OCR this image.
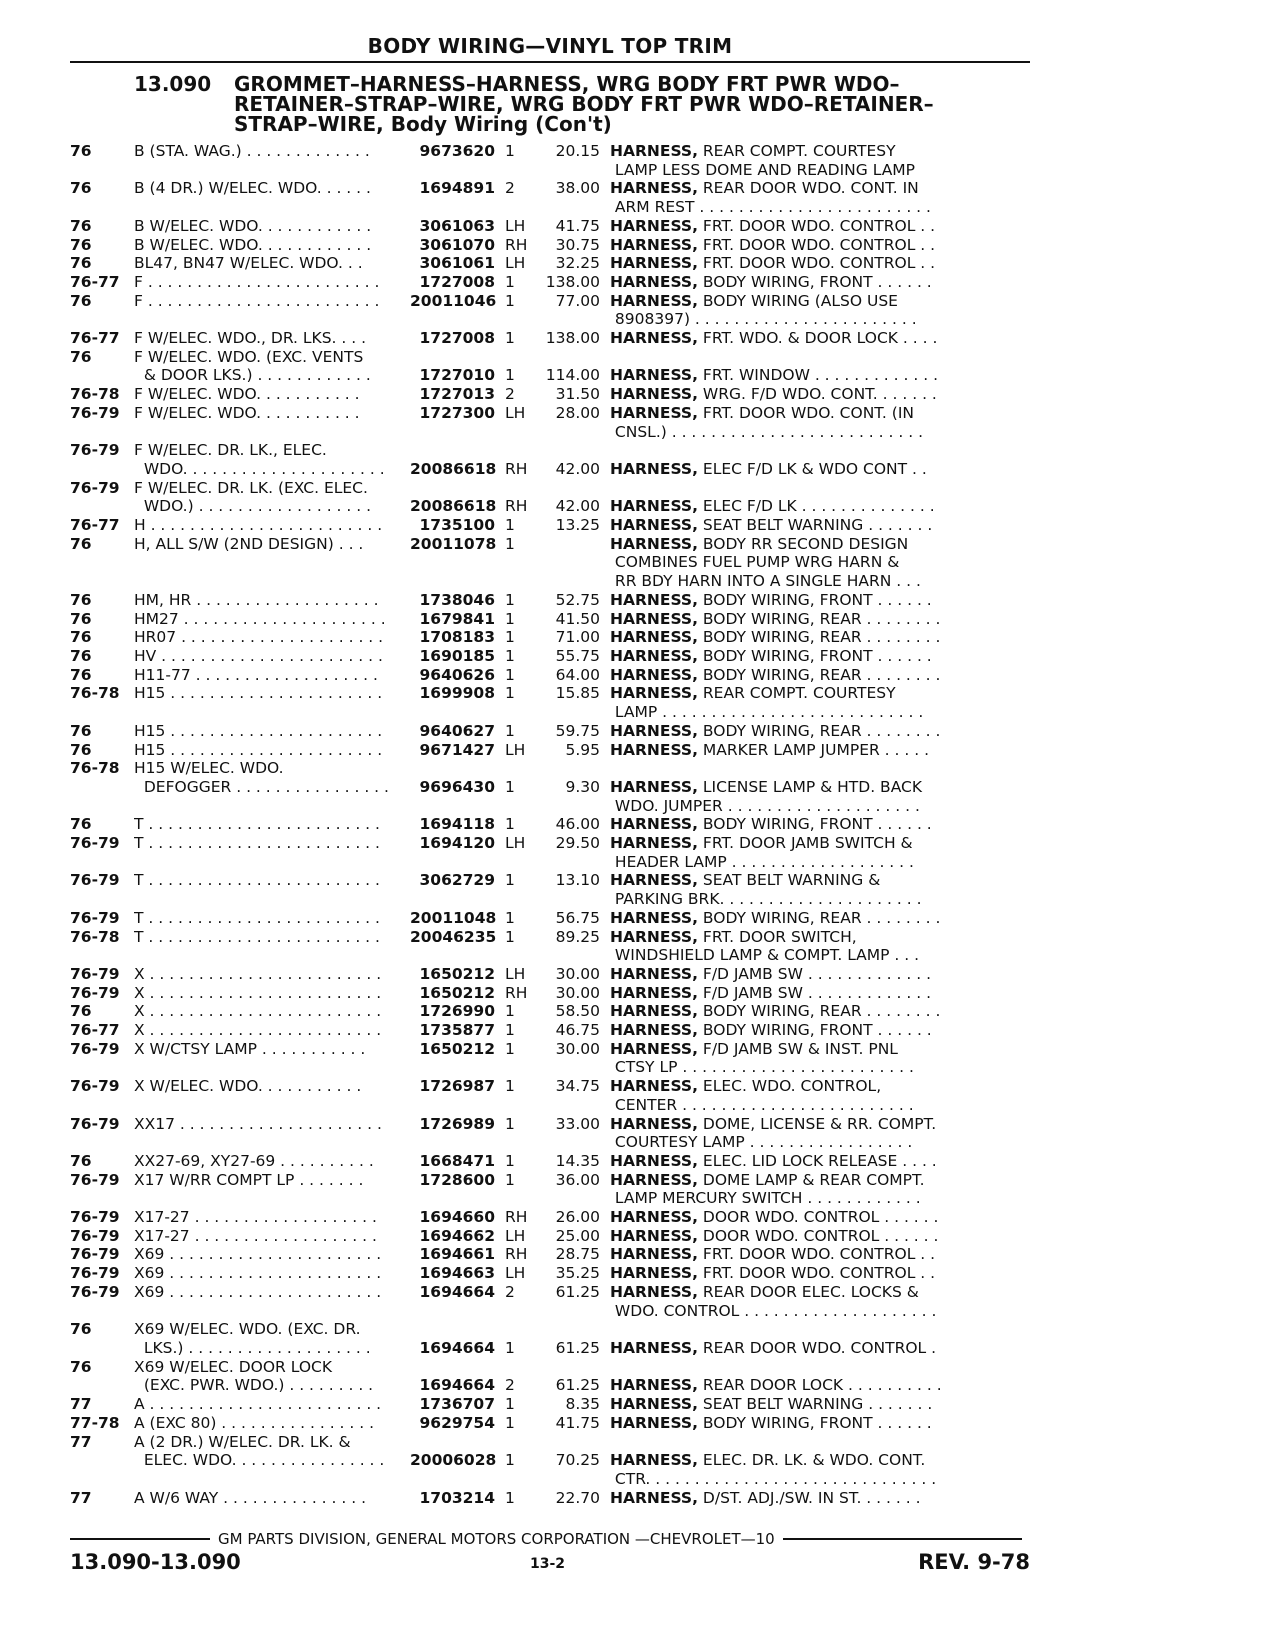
BODY WIRING—VINYL TOP TRIM
13.090 GROMMET–HARNESS–HARNESS, WRG BODY FRT PWR WDO–
RETAINER–STRAP–WIRE, WRG BODY FRT PWR WDO–RETAINER–
STRAP–WIRE, Body Wiring (Con't)
76	B (STA. WAG.) . . . . . . . . . . . . .	9673620 1	20.15 HARNESS, REAR COMPT. COURTESY
LAMP LESS DOME AND READING LAMP
76	B (4 DR.) W/ELEC. WDO. . . . . .	1694891 2	38.00 HARNESS, REAR DOOR WDO. CONT. IN
ARM REST . . . . . . . . . . . . . . . . . . . . . . . .
76	B W/ELEC. WDO. . . . . . . . . . . .	3061063 LH	41.75 HARNESS, FRT. DOOR WDO. CONTROL . .
76	B W/ELEC. WDO. . . . . . . . . . . .	3061070 RH	30.75 HARNESS, FRT. DOOR WDO. CONTROL . .
76	BL47, BN47 W/ELEC. WDO. . .	3061061 LH	32.25 HARNESS, FRT. DOOR WDO. CONTROL . .
76-77 F . . . . . . . . . . . . . . . . . . . . . . . .	1727008 1	138.00 HARNESS, BODY WIRING, FRONT . . . . . .
76	F . . . . . . . . . . . . . . . . . . . . . . . .	20011046 1	77.00 HARNESS, BODY WIRING (ALSO USE
8908397) . . . . . . . . . . . . . . . . . . . . . . .
76-77 F W/ELEC. WDO., DR. LKS. . . .	1727008 1	138.00 HARNESS, FRT. WDO. & DOOR LOCK . . . .
76	F W/ELEC. WDO. (EXC. VENTS
& DOOR LKS.) . . . . . . . . . . . .	1727010 1	114.00 HARNESS, FRT. WINDOW . . . . . . . . . . . . .
76-78 F W/ELEC. WDO. . . . . . . . . . .	1727013 2	31.50 HARNESS, WRG. F/D WDO. CONT. . . . . . .
76-79 F W/ELEC. WDO. . . . . . . . . . .	1727300 LH	28.00 HARNESS, FRT. DOOR WDO. CONT. (IN
CNSL.) . . . . . . . . . . . . . . . . . . . . . . . . . .
76-79 F W/ELEC. DR. LK., ELEC.
WDO. . . . . . . . . . . . . . . . . . . . .	20086618 RH	42.00 HARNESS, ELEC F/D LK & WDO CONT . .
76-79 F W/ELEC. DR. LK. (EXC. ELEC.
WDO.) . . . . . . . . . . . . . . . . . .	20086618 RH	42.00 HARNESS, ELEC F/D LK . . . . . . . . . . . . . .
76-77 H . . . . . . . . . . . . . . . . . . . . . . . .	1735100 1	13.25 HARNESS, SEAT BELT WARNING . . . . . . .
76	H, ALL S/W (2ND DESIGN) . . .	20011078 1	HARNESS, BODY RR SECOND DESIGN
COMBINES FUEL PUMP WRG HARN &
RR BDY HARN INTO A SINGLE HARN . . .
76	HM, HR . . . . . . . . . . . . . . . . . . .	1738046 1	52.75 HARNESS, BODY WIRING, FRONT . . . . . .
76	HM27 . . . . . . . . . . . . . . . . . . . . .	1679841 1	41.50 HARNESS, BODY WIRING, REAR . . . . . . . .
76	HR07 . . . . . . . . . . . . . . . . . . . . .	1708183 1	71.00 HARNESS, BODY WIRING, REAR . . . . . . . .
76	HV . . . . . . . . . . . . . . . . . . . . . . .	1690185 1	55.75 HARNESS, BODY WIRING, FRONT . . . . . .
76	H11-77 . . . . . . . . . . . . . . . . . . .	9640626 1	64.00 HARNESS, BODY WIRING, REAR . . . . . . . .
76-78 H15 . . . . . . . . . . . . . . . . . . . . . .	1699908 1	15.85 HARNESS, REAR COMPT. COURTESY
LAMP . . . . . . . . . . . . . . . . . . . . . . . . . . .
76	H15 . . . . . . . . . . . . . . . . . . . . . .	9640627 1	59.75 HARNESS, BODY WIRING, REAR . . . . . . . .
76	H15 . . . . . . . . . . . . . . . . . . . . . .	9671427 LH	5.95 HARNESS, MARKER LAMP JUMPER . . . . .
76-78 H15 W/ELEC. WDO.
DEFOGGER . . . . . . . . . . . . . . . .	9696430 1	9.30 HARNESS, LICENSE LAMP & HTD. BACK
WDO. JUMPER . . . . . . . . . . . . . . . . . . . .
76	T . . . . . . . . . . . . . . . . . . . . . . . .	1694118 1	46.00 HARNESS, BODY WIRING, FRONT . . . . . .
76-79 T . . . . . . . . . . . . . . . . . . . . . . . .	1694120 LH	29.50 HARNESS, FRT. DOOR JAMB SWITCH &
HEADER LAMP . . . . . . . . . . . . . . . . . . .
76-79 T . . . . . . . . . . . . . . . . . . . . . . . .	3062729 1	13.10 HARNESS, SEAT BELT WARNING &
PARKING BRK. . . . . . . . . . . . . . . . . . . . .
76-79 T . . . . . . . . . . . . . . . . . . . . . . . .	20011048 1	56.75 HARNESS, BODY WIRING, REAR . . . . . . . .
76-78 T . . . . . . . . . . . . . . . . . . . . . . . .	20046235 1	89.25 HARNESS, FRT. DOOR SWITCH,
WINDSHIELD LAMP & COMPT. LAMP . . .
76-79 X . . . . . . . . . . . . . . . . . . . . . . . .	1650212 LH	30.00 HARNESS, F/D JAMB SW . . . . . . . . . . . . .
76-79 X . . . . . . . . . . . . . . . . . . . . . . . .	1650212 RH	30.00 HARNESS, F/D JAMB SW . . . . . . . . . . . . .
76	X . . . . . . . . . . . . . . . . . . . . . . . .	1726990 1	58.50 HARNESS, BODY WIRING, REAR . . . . . . . .
76-77 X . . . . . . . . . . . . . . . . . . . . . . . .	1735877 1	46.75 HARNESS, BODY WIRING, FRONT . . . . . .
76-79 X W/CTSY LAMP . . . . . . . . . . .	1650212 1	30.00 HARNESS, F/D JAMB SW & INST. PNL
CTSY LP . . . . . . . . . . . . . . . . . . . . . . . .
76-79 X W/ELEC. WDO. . . . . . . . . . .	1726987 1	34.75 HARNESS, ELEC. WDO. CONTROL,
CENTER . . . . . . . . . . . . . . . . . . . . . . . .
76-79 XX17 . . . . . . . . . . . . . . . . . . . . .	1726989 1	33.00 HARNESS, DOME, LICENSE & RR. COMPT.
COURTESY LAMP . . . . . . . . . . . . . . . . .
76	XX27-69, XY27-69 . . . . . . . . . .	1668471 1	14.35 HARNESS, ELEC. LID LOCK RELEASE . . . .
76-79 X17 W/RR COMPT LP . . . . . . .	1728600 1	36.00 HARNESS, DOME LAMP & REAR COMPT.
LAMP MERCURY SWITCH . . . . . . . . . . . .
76-79 X17-27 . . . . . . . . . . . . . . . . . . .	1694660 RH	26.00 HARNESS, DOOR WDO. CONTROL . . . . . .
76-79 X17-27 . . . . . . . . . . . . . . . . . . .	1694662 LH	25.00 HARNESS, DOOR WDO. CONTROL . . . . . .
76-79 X69 . . . . . . . . . . . . . . . . . . . . . .	1694661 RH	28.75 HARNESS, FRT. DOOR WDO. CONTROL . .
76-79 X69 . . . . . . . . . . . . . . . . . . . . . .	1694663 LH	35.25 HARNESS, FRT. DOOR WDO. CONTROL . .
76-79 X69 . . . . . . . . . . . . . . . . . . . . . .	1694664 2	61.25 HARNESS, REAR DOOR ELEC. LOCKS &
WDO. CONTROL . . . . . . . . . . . . . . . . . . . .
76	X69 W/ELEC. WDO. (EXC. DR.
LKS.) . . . . . . . . . . . . . . . . . . .	1694664 1	61.25 HARNESS, REAR DOOR WDO. CONTROL .
76	X69 W/ELEC. DOOR LOCK
(EXC. PWR. WDO.) . . . . . . . . .	1694664 2	61.25 HARNESS, REAR DOOR LOCK . . . . . . . . . .
77	A . . . . . . . . . . . . . . . . . . . . . . . .	1736707 1	8.35 HARNESS, SEAT BELT WARNING . . . . . . .
77-78 A (EXC 80) . . . . . . . . . . . . . . . .	9629754 1	41.75 HARNESS, BODY WIRING, FRONT . . . . . .
77	A (2 DR.) W/ELEC. DR. LK. &
ELEC. WDO. . . . . . . . . . . . . . . .	20006028 1	70.25 HARNESS, ELEC. DR. LK. & WDO. CONT.
CTR. . . . . . . . . . . . . . . . . . . . . . . . . . . . . .
77	A W/6 WAY . . . . . . . . . . . . . . .	1703214 1	22.70 HARNESS, D/ST. ADJ./SW. IN ST. . . . . . .
GM PARTS DIVISION, GENERAL MOTORS CORPORATION —CHEVROLET—10
13.090-13.090	13-2	REV. 9-78
